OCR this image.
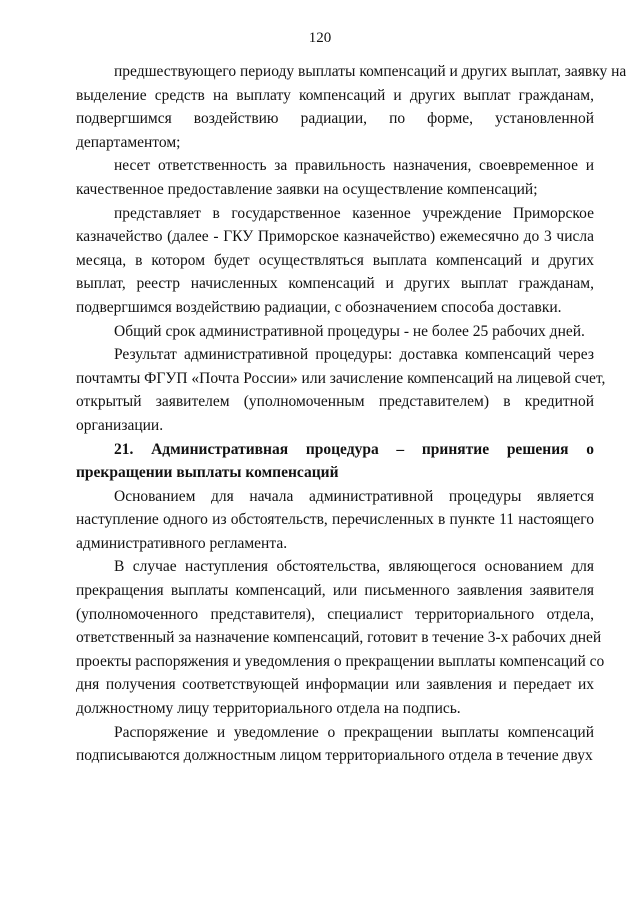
120
предшествующего периоду выплаты компенсаций и других выплат, заявку на
выделение средств на выплату компенсаций и других выплат гражданам,
подвергшимся воздействию радиации, по форме, установленной
департаментом;
несет ответственность за правильность назначения, своевременное и
качественное предоставление заявки на осуществление компенсаций;
представляет в государственное казенное учреждение Приморское
казначейство (далее - ГКУ Приморское казначейство) ежемесячно до 3 числа
месяца, в котором будет осуществляться выплата компенсаций и других
выплат, реестр начисленных компенсаций и других выплат гражданам,
подвергшимся воздействию радиации, с обозначением способа доставки.
Общий срок административной процедуры - не более 25 рабочих дней.
Результат административной процедуры: доставка компенсаций через
почтамты ФГУП «Почта России» или зачисление компенсаций на лицевой счет,
открытый заявителем (уполномоченным представителем) в кредитной
организации.
21. Административная процедура – принятие решения о
прекращении выплаты компенсаций
Основанием для начала административной процедуры является
наступление одного из обстоятельств, перечисленных в пункте 11 настоящего
административного регламента.
В случае наступления обстоятельства, являющегося основанием для
прекращения выплаты компенсаций, или письменного заявления заявителя
(уполномоченного представителя), специалист территориального отдела,
ответственный за назначение компенсаций, готовит в течение 3-х рабочих дней
проекты распоряжения и уведомления о прекращении выплаты компенсаций со
дня получения соответствующей информации или заявления и передает их
должностному лицу территориального отдела на подпись.
Распоряжение и уведомление о прекращении выплаты компенсаций
подписываются должностным лицом территориального отдела в течение двух
